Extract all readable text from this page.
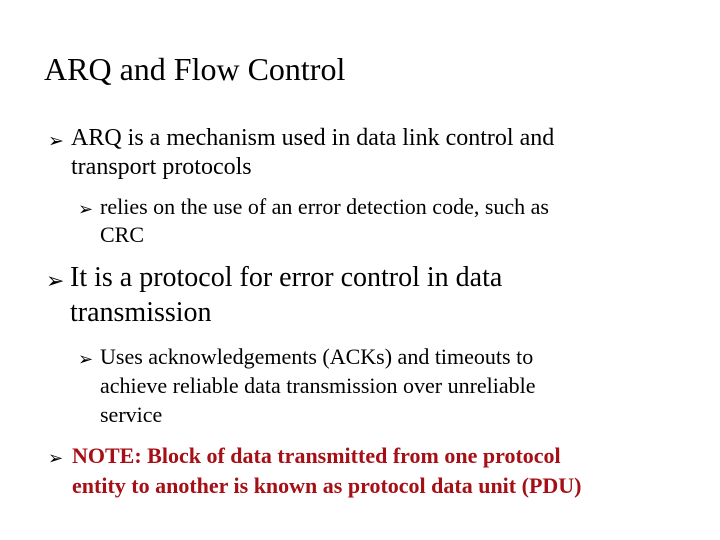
ARQ and Flow Control
➢ ARQ is a mechanism used in data link control and
transport protocols
➢ relies on the use of an error detection code, such as
CRC
➢ It is a protocol for error control in data
transmission
➢ Uses acknowledgements (ACKs) and timeouts to
achieve reliable data transmission over unreliable
service
➢ NOTE: Block of data transmitted from one protocol
entity to another is known as protocol data unit (PDU)
